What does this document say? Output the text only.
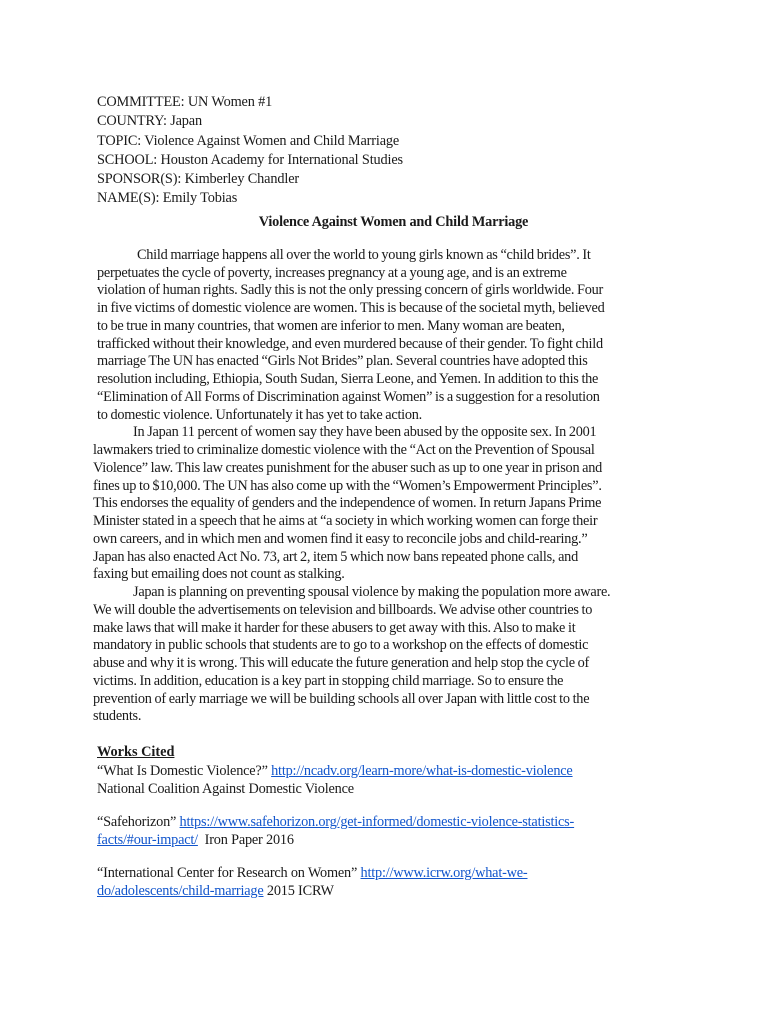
COMMITTEE: UN Women #1
COUNTRY: Japan
TOPIC: Violence Against Women and Child Marriage
SCHOOL: Houston Academy for International Studies
SPONSOR(S): Kimberley Chandler
NAME(S): Emily Tobias
Violence Against Women and Child Marriage

Child marriage happens all over the world to young girls known as “child brides”. It
perpetuates the cycle of poverty, increases pregnancy at a young age, and is an extreme
violation of human rights. Sadly this is not the only pressing concern of girls worldwide. Four
in five victims of domestic violence are women. This is because of the societal myth, believed
to be true in many countries, that women are inferior to men. Many woman are beaten,
trafficked without their knowledge, and even murdered because of their gender. To fight child
marriage The UN has enacted “Girls Not Brides” plan. Several countries have adopted this
resolution including, Ethiopia, South Sudan, Sierra Leone, and Yemen. In addition to this the
“Elimination of All Forms of Discrimination against Women” is a suggestion for a resolution
to domestic violence. Unfortunately it has yet to take action.

In Japan 11 percent of women say they have been abused by the opposite sex. In 2001
lawmakers tried to criminalize domestic violence with the “Act on the Prevention of Spousal
Violence” law. This law creates punishment for the abuser such as up to one year in prison and
fines up to $10,000. The UN has also come up with the “Women’s Empowerment Principles”.
This endorses the equality of genders and the independence of women. In return Japans Prime
Minister stated in a speech that he aims at “a society in which working women can forge their
own careers, and in which men and women find it easy to reconcile jobs and child-rearing.”
Japan has also enacted Act No. 73, art 2, item 5 which now bans repeated phone calls, and
faxing but emailing does not count as stalking.

Japan is planning on preventing spousal violence by making the population more aware.
We will double the advertisements on television and billboards. We advise other countries to
make laws that will make it harder for these abusers to get away with this. Also to make it
mandatory in public schools that students are to go to a workshop on the effects of domestic
abuse and why it is wrong. This will educate the future generation and help stop the cycle of
victims. In addition, education is a key part in stopping child marriage. So to ensure the
prevention of early marriage we will be building schools all over Japan with little cost to the
students.

Works Cited
“What Is Domestic Violence?” http://ncadv.org/learn-more/what-is-domestic-violence
National Coalition Against Domestic Violence
“Safehorizon” https://www.safehorizon.org/get-informed/domestic-violence-statistics-
facts/#our-impact/  Iron Paper 2016
“International Center for Research on Women” http://www.icrw.org/what-we-
do/adolescents/child-marriage 2015 ICRW
